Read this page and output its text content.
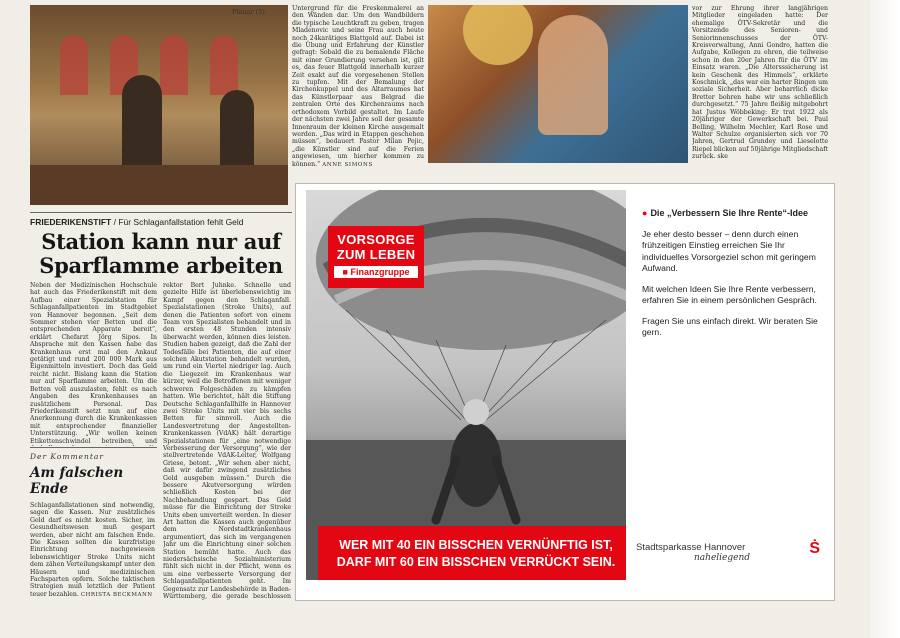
Plänar (5)	Untergrund für die Freskenmalerei an den Wänden dar. Um den Wandbildern die typische Leuchtkraft zu geben, tragen Mladenovic und seine Frau auch heute noch 24karätiges Blattgold auf. Dabei ist die Übung und Erfahrung der Künstler gefragt: Sobald die zu bemalende Fläche mit einer Grundierung versehen ist, gilt es, das feuer Blattgold innerhalb kurzer Zeit exakt auf die vorgesehenen Stellen zu tupfen. Mit der Bemalung der Kirchenkuppel und des Altarraumes hat das Künstlerpaar aus Belgrad die zentralen Orte des Kirchenraums nach orthodoxem Vorbild gestaltet. Im Laufe der nächsten zwei Jahre soll der gesamte Innenraum der kleinen Kirche ausgemalt werden. „Das wird in Etappen geschehen müssen“, bedauert Pastor Milan Pejic, „die Künstler sind auf die Ferien angewiesen, um hierher kommen zu können.“ ANNE SIMONS
vor zur Ehrung ihrer langjährigen Mitglieder eingeladen hatte: Der ehemalige ÖTV-Sekretär und die Vorsitzende des Senioren- und Seniorinnenschusses der ÖTV-Kreisverwaltung, Anni Gondro, hatten die Aufgabe, Kollegen zu ehren, die teilweise schon in den 20er Jahren für die ÖTV im Einsatz waren. „Die Altersssicherung ist kein Geschenk des Himmels“, erklärte Koschmick, „das war ein harter Ringen um soziale Sicherheit. Aber beharrlich dicke Bretter bohren habe wir uns schließlich durchgesetzt.“ 75 Jahre fleißig mitgebohrt hat Justus Wöbbeking: Er trat 1922 als 20jähriger der Gewerkschaft bei. Paul Belling, Wilhelm Mechler, Karl Rose und Walter Schulze organisierten sich vor 70 Jahren, Gertrud Grundey und Lieselotte Riepel blicken auf 50jährige Mitgliedschaft zurück. ske
FRIEDERIKENSTIFT / Für Schlaganfallstation fehlt Geld
Station kann nur auf
Sparflamme arbeiten
Neben der Medizinischen Hochschule hat auch das Friederikenstift mit dem Aufbau einer Spezialstation für Schlaganfallpatienten im Stadtgebiet von Hannover begonnen. „Seit dem Sommer stehen vier Betten und die entsprechenden Apparate bereit“, erklärt Chefarzt Jörg Sipos. In Absprache mit den Kassen habe das Krankenhaus erst mal den Ankauf getätigt und rund 200 000 Mark aus Eigenmitteln investiert. Doch das Geld reicht nicht. Bislang kann die Station nur auf Sparflamme arbeiten. Um die Betten voll auszulasten, fehlt es nach Angaben des Krankenhauses an zusätzlichem Personal. Das Friederikenstift setzt nun auf eine Anerkennung durch die Krankenkassen mit entsprechender finanzieller Unterstützung. „Wir wollen keinen Etikettenschwindel betreiben, und
rektor Bert Juhnke. Schnelle und gezielte Hilfe ist überlebenswichtig im Kampf gegen den Schlaganfall. Spezialstationen (Stroke Units), auf denen die Patienten sofort von einem Team von Spezialisten behandelt und in den ersten 48 Stunden intensiv überwacht werden, können dies leisten. Studien haben gezeigt, daß die Zahl der Todesfälle bei Patienten, die auf einer solchen Akutstation behandelt wurden, um rund ein Viertel niedriger lag. Auch die Liegezeit im Krankenhaus war kürzer, weil die Betroffenen mit weniger schweren Folgeschäden zu kämpfen hatten. Wie berichtet, hält die Stiftung Deutsche Schlaganfallhilfe in Hannover zwei Stroke Units mit vier bis sechs Betten für sinnvoll. Auch die Landesvertretung der Angestellten-Krankenkassen (VdAK) hält derartige Spezialstationen für „eine notwendige Verbesserung der Versorgung“, wie der stellvertretende VdAK-Leiter, Wolfgang Griese, betont. „Wir sehen aber nicht, daß wir dafür zwingend zusätzliches Geld ausgeben müssen.“ Durch die bessere Akutversorgung würden schließlich Kosten bei der Nachbehandlung gespart. Das Geld müsse für die Einrichtung der Stroke Units eben umverteilt werden. In dieser Art hatten die Kassen auch gegenüber dem Nordstadtkrankenhaus argumentiert, das sich im vergangenen Jahr um die Einrichtung einer solchen Station bemüht hatte. Auch das niedersächsische Sozialministerium fühlt sich nicht in der Pflicht, wenn es um eine verbesserte Versorgung der Schlaganfallpatienten geht. Im Gegensatz zur Landesbehörde in Baden-Württemberg, die gerade beschlossen
Der Kommentar
Am falschen Ende
Schlaganfallstationen sind notwendig, sagen die Kassen. Nur zusätzliches Geld darf es nicht kosten. Sicher, im Gesundheitswesen muß gespart werden, aber nicht am falschen Ende. Die Kassen sollten die kurzfristige Einrichtung nachgewiesen lebenswichtiger Stroke Units nicht dem zähen Verteilungskampf unter den Häusern und medizinischen Fachsparten opfern. Solche taktischen Strategien muß letztlich der Patient teuer bezahlen. CHRISTA BECKMANN
VORSORGE
ZUM LEBEN
■ Finanzgruppe
WER MIT 40 EIN BISSCHEN VERNÜNFTIG IST,
DARF MIT 60 EIN BISSCHEN VERRÜCKT SEIN.
● Die „Verbessern Sie Ihre Rente“-Idee

Je eher desto besser – denn durch einen frühzeitigen Einstieg erreichen Sie Ihr individuelles Vorsorgeziel schon mit geringem Aufwand.

Mit welchen Ideen Sie Ihre Rente verbessern, erfahren Sie in einem persönlichen Gespräch.

Fragen Sie uns einfach direkt. Wir beraten Sie gern.

Stadtsparkasse Hannover	Ṡ
naheliegend
